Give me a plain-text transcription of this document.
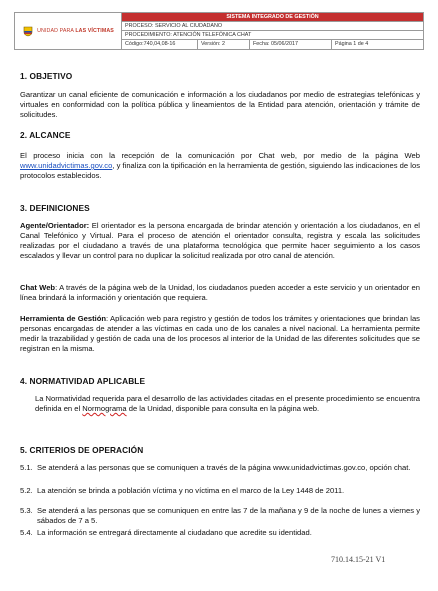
UNIDAD PARA LAS VÍCTIMAS
SISTEMA INTEGRADO DE GESTIÓN
PROCESO: SERVICIO AL CIUDADANO
PROCEDIMIENTO: ATENCIÓN TELEFÓNICA CHAT
Código:740,04,08-16	Versión: 2	Fecha: 05/06/2017	Página 1 de 4
1. OBJETIVO
Garantizar un canal eficiente de comunicación e información a los ciudadanos por medio de estrategias telefónicas y virtuales en conformidad con la política pública y lineamientos de la Entidad para atención, orientación y trámite de solicitudes.
2. ALCANCE
El proceso inicia con la recepción de la comunicación por Chat web, por medio de la página Web www.unidadvictimas.gov.co, y finaliza con la tipificación en la herramienta de gestión, siguiendo las indicaciones de los protocolos establecidos.
3. DEFINICIONES
Agente/Orientador: El orientador es la persona encargada de brindar atención y orientación a los ciudadanos, en el Canal Telefónico y Virtual. Para el proceso de atención el orientador consulta, registra y escala las solicitudes realizadas por el ciudadano a través de una plataforma tecnológica que permite hacer seguimiento a los casos escalados y llevar un control para no duplicar la solicitud realizada por otro canal de atención.
Chat Web: A través de la página web de la Unidad, los ciudadanos pueden acceder a este servicio y un orientador en línea brindará la información y orientación que requiera.
Herramienta de Gestión: Aplicación web para registro y gestión de todos los trámites y orientaciones que brindan las personas encargadas de atender a las víctimas en cada uno de los canales a nivel nacional. La herramienta permite medir la trazabilidad y gestión de cada una de los procesos al interior de la Unidad de las diferentes solicitudes que se registran en la misma.
4. NORMATIVIDAD APLICABLE
La Normatividad requerida para el desarrollo de las actividades citadas en el presente procedimiento se encuentra definida en el Normograma de la Unidad, disponible para consulta en la página web.
5. CRITERIOS DE OPERACIÓN
5.1. Se atenderá a las personas que se comuniquen a través de la página www.unidadvictimas.gov.co, opción chat.
5.2. La atención se brinda a población víctima y no víctima en el marco de la Ley 1448 de 2011.
5.3. Se atenderá a las personas que se comuniquen en entre las 7 de la mañana y 9 de la noche de lunes a viernes y sábados de 7 a 5.
5.4. La información se entregará directamente al ciudadano que acredite su identidad.
710.14.15-21 V1
